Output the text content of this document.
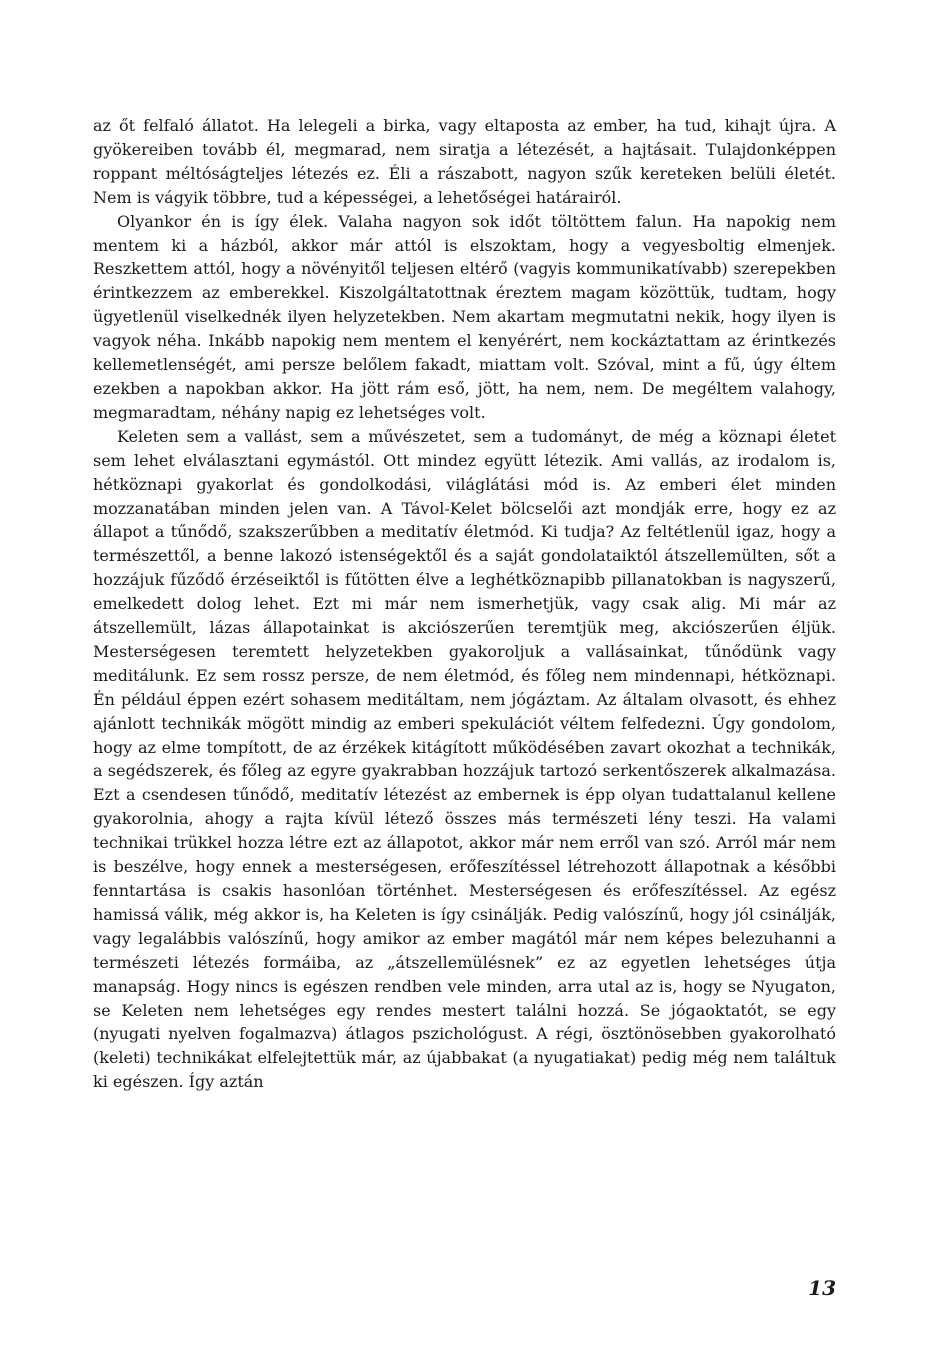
az őt felfaló állatot. Ha lelegeli a birka, vagy eltaposta az ember, ha tud, kihajt újra. A gyökereiben tovább él, megmarad, nem siratja a létezését, a hajtásait. Tulajdonképpen roppant méltóságteljes létezés ez. Éli a rászabott, nagyon szűk kereteken belüli életét. Nem is vágyik többre, tud a képességei, a lehetőségei határairól.

Olyankor én is így élek. Valaha nagyon sok időt töltöttem falun. Ha napokig nem mentem ki a házból, akkor már attól is elszoktam, hogy a vegyesboltig elmenjek. Reszkettem attól, hogy a növényitől teljesen eltérő (vagyis kommunikatívabb) szerepekben érintkezzem az emberekkel. Kiszolgáltatottnak éreztem magam közöttük, tudtam, hogy ügyetlenül viselkednék ilyen helyzetekben. Nem akartam megmutatni nekik, hogy ilyen is vagyok néha. Inkább napokig nem mentem el kenyérért, nem kockáztattam az érintkezés kellemetlenségét, ami persze belőlem fakadt, miattam volt. Szóval, mint a fű, úgy éltem ezekben a napokban akkor. Ha jött rám eső, jött, ha nem, nem. De megéltem valahogy, megmaradtam, néhány napig ez lehetséges volt.

Keleten sem a vallást, sem a művészetet, sem a tudományt, de még a köznapi életet sem lehet elválasztani egymástól. Ott mindez együtt létezik. Ami vallás, az irodalom is, hétköznapi gyakorlat és gondolkodási, világlátási mód is. Az emberi élet minden mozzanatában minden jelen van. A Távol-Kelet bölcselői azt mondják erre, hogy ez az állapot a tűnődő, szakszerűbben a meditatív életmód. Ki tudja? Az feltétlenül igaz, hogy a természettől, a benne lakozó istenségektől és a saját gondolataiktól átszellemülten, sőt a hozzájuk fűződő érzéseiktől is fűtötten élve a leghétköznapibb pillanatokban is nagyszerű, emelkedett dolog lehet. Ezt mi már nem ismerhetjük, vagy csak alig. Mi már az átszellemült, lázas állapotainkat is akciószerűen teremtjük meg, akciószerűen éljük. Mesterségesen teremtett helyzetekben gyakoroljuk a vallásainkat, tűnődünk vagy meditálunk. Ez sem rossz persze, de nem életmód, és főleg nem mindennapi, hétköznapi. Én például éppen ezért sohasem meditáltam, nem jógáztam. Az általam olvasott, és ehhez ajánlott technikák mögött mindig az emberi spekulációt véltem felfedezni. Úgy gondolom, hogy az elme tompított, de az érzékek kitágított működésében zavart okozhat a technikák, a segédszerek, és főleg az egyre gyakrabban hozzájuk tartozó serkentőszerek alkalmazása. Ezt a csendesen tűnődő, meditatív létezést az embernek is épp olyan tudattalanul kellene gyakorolnia, ahogy a rajta kívül létező összes más természeti lény teszi. Ha valami technikai trükkel hozza létre ezt az állapotot, akkor már nem erről van szó. Arról már nem is beszélve, hogy ennek a mesterségesen, erőfeszítéssel létrehozott állapotnak a későbbi fenntartása is csakis hasonlóan történhet. Mesterségesen és erőfeszítéssel. Az egész hamissá válik, még akkor is, ha Keleten is így csinálják. Pedig valószínű, hogy jól csinálják, vagy legalábbis valószínű, hogy amikor az ember magától már nem képes belezuhanni a természeti létezés formáiba, az „átszellemülésnek” ez az egyetlen lehetséges útja manapság. Hogy nincs is egészen rendben vele minden, arra utal az is, hogy se Nyugaton, se Keleten nem lehetséges egy rendes mestert találni hozzá. Se jógaoktatót, se egy (nyugati nyelven fogalmazva) átlagos pszichológust. A régi, ösztönösebben gyakorolható (keleti) technikákat elfelejtettük már, az újabbakat (a nyugatiakat) pedig még nem találtuk ki egészen. Így aztán

13
